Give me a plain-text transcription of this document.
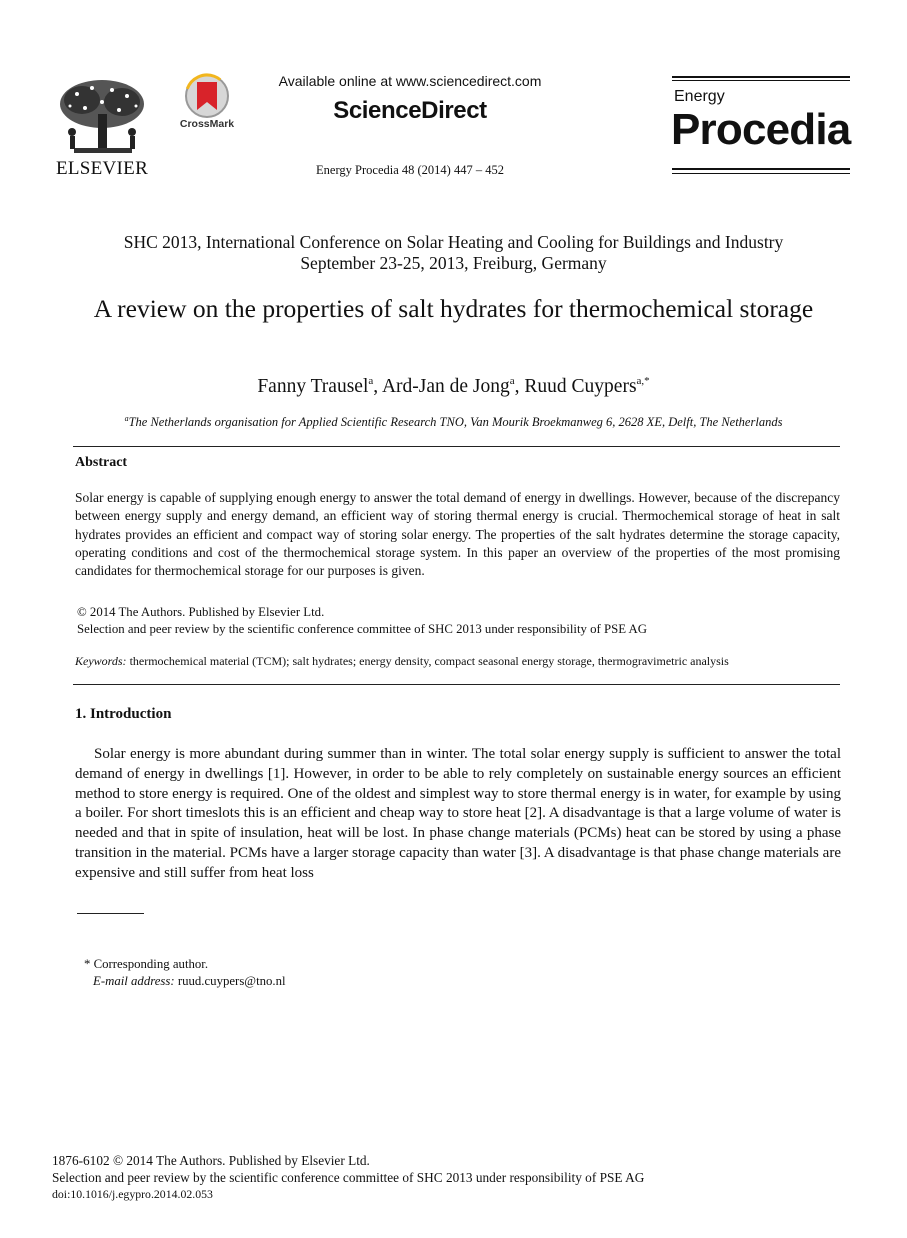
ELSEVIER
CrossMark
Available online at www.sciencedirect.com
ScienceDirect
Energy Procedia 48 (2014) 447 – 452
Energy
Procedia
SHC 2013, International Conference on Solar Heating and Cooling for Buildings and Industry
September 23-25, 2013, Freiburg, Germany
A review on the properties of salt hydrates for thermochemical storage
Fanny Trausel$^a$, Ard-Jan de Jong$^a$, Ruud Cuypers$^{a,*}$
$^a$The Netherlands organisation for Applied Scientific Research TNO, Van Mourik Broekmanweg 6, 2628 XE, Delft, The Netherlands
Abstract
Solar energy is capable of supplying enough energy to answer the total demand of energy in dwellings. However, because of the discrepancy between energy supply and energy demand, an efficient way of storing thermal energy is crucial. Thermochemical storage of heat in salt hydrates provides an efficient and compact way of storing solar energy. The properties of the salt hydrates determine the storage capacity, operating conditions and cost of the thermochemical storage system. In this paper an overview of the properties of the most promising candidates for thermochemical storage for our purposes is given.
© 2014 The Authors. Published by Elsevier Ltd.
Selection and peer review by the scientific conference committee of SHC 2013 under responsibility of PSE AG
Keywords: thermochemical material (TCM); salt hydrates; energy density, compact seasonal energy storage, thermogravimetric analysis
1. Introduction
Solar energy is more abundant during summer than in winter. The total solar energy supply is sufficient to answer the total demand of energy in dwellings [1]. However, in order to be able to rely completely on sustainable energy sources an efficient method to store energy is required. One of the oldest and simplest way to store thermal energy is in water, for example by using a boiler. For short timeslots this is an efficient and cheap way to store heat [2]. A disadvantage is that a large volume of water is needed and that in spite of insulation, heat will be lost. In phase change materials (PCMs) heat can be stored by using a phase transition in the material. PCMs have a larger storage capacity than water [3]. A disadvantage is that phase change materials are expensive and still suffer from heat loss
* Corresponding author.
E-mail address: ruud.cuypers@tno.nl
1876-6102 © 2014 The Authors. Published by Elsevier Ltd.
Selection and peer review by the scientific conference committee of SHC 2013 under responsibility of PSE AG
doi:10.1016/j.egypro.2014.02.053
